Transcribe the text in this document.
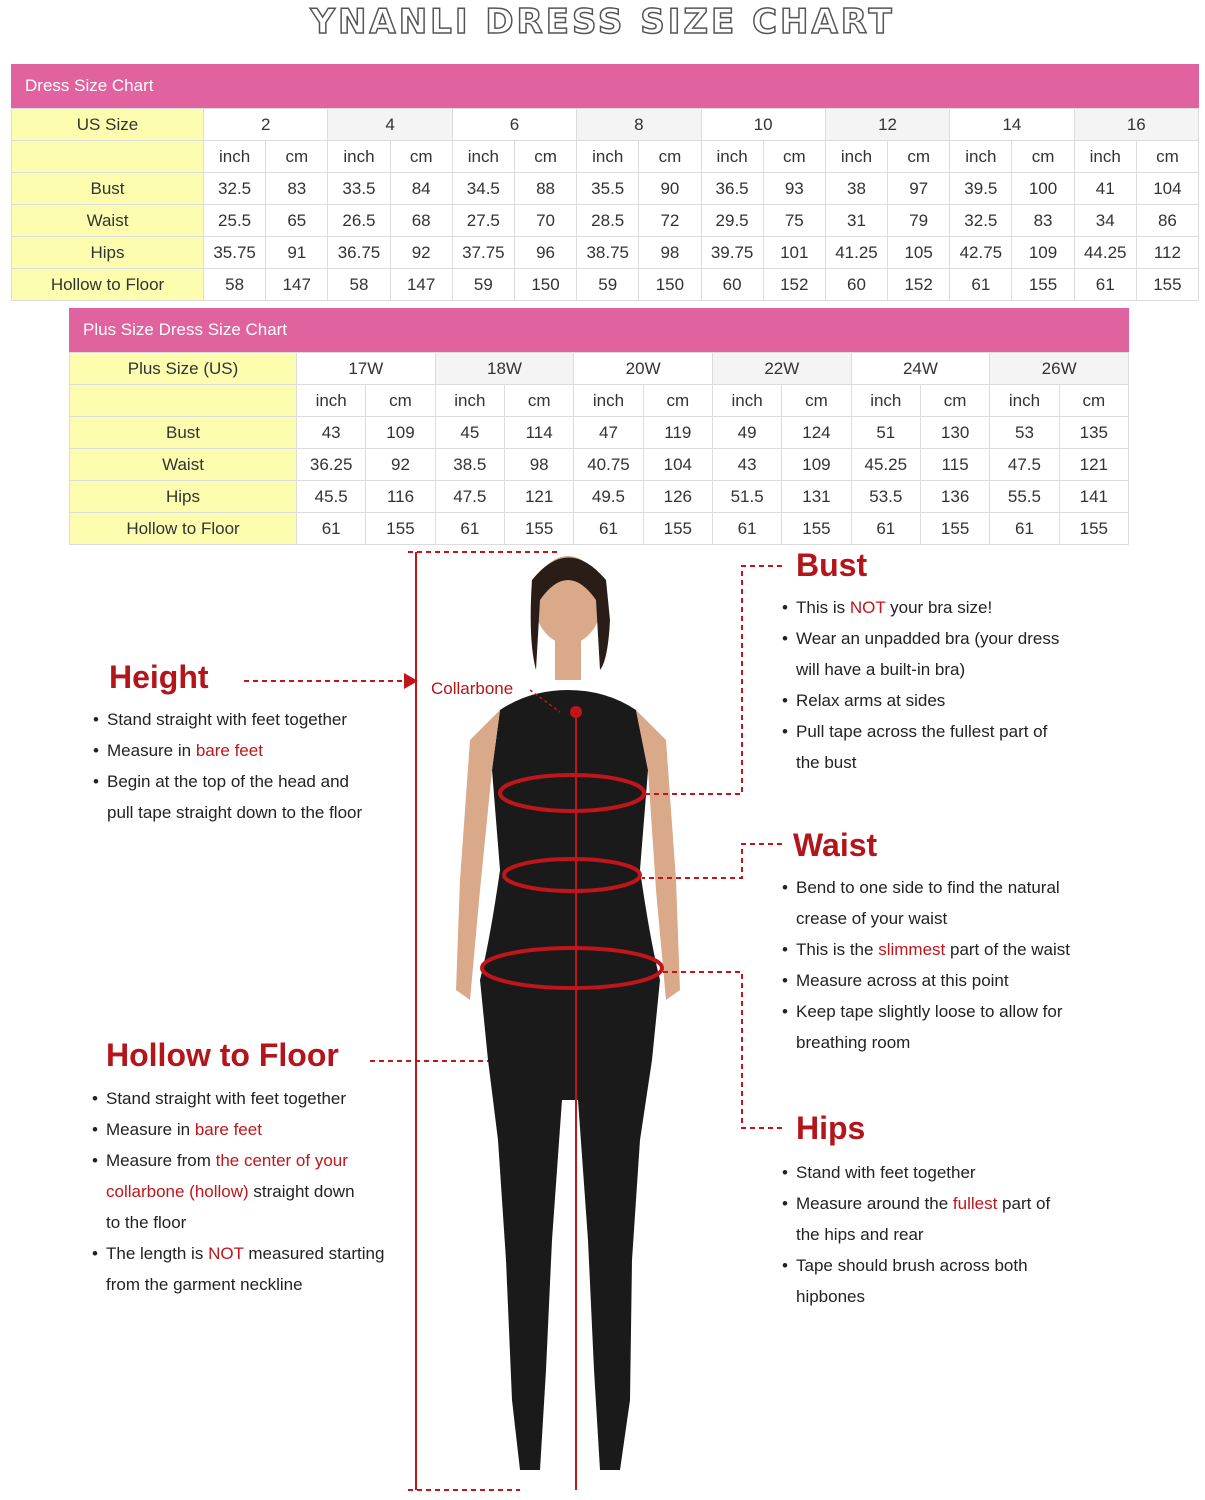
YNANLI DRESS SIZE CHART
Dress Size Chart
US Size	2		4		6		8		10		12		14		16	
	inch	cm	inch	cm	inch	cm	inch	cm	inch	cm	inch	cm	inch	cm	inch	cm
Bust	32.5	83	33.5	84	34.5	88	35.5	90	36.5	93	38	97	39.5	100	41	104
Waist	25.5	65	26.5	68	27.5	70	28.5	72	29.5	75	31	79	32.5	83	34	86
Hips	35.75	91	36.75	92	37.75	96	38.75	98	39.75	101	41.25	105	42.75	109	44.25	112
Hollow to Floor	58	147	58	147	59	150	59	150	60	152	60	152	61	155	61	155
Plus Size Dress Size Chart
Plus Size (US)	17W		18W		20W		22W		24W		26W	
	inch	cm	inch	cm	inch	cm	inch	cm	inch	cm	inch	cm
Bust	43	109	45	114	47	119	49	124	51	130	53	135
Waist	36.25	92	38.5	98	40.75	104	43	109	45.25	115	47.5	121
Hips	45.5	116	47.5	121	49.5	126	51.5	131	53.5	136	55.5	141
Hollow to Floor	61	155	61	155	61	155	61	155	61	155	61	155
Collarbone
Height
• Stand straight with feet together
• Measure in bare feet
• Begin at the top of the head and
pull tape straight down to the floor
Hollow to Floor
• Stand straight with feet together
• Measure in bare feet
• Measure from the center of your
collarbone (hollow) straight down
to the floor
• The length is NOT measured starting
from the garment neckline
Bust
• This is NOT your bra size!
• Wear an unpadded bra (your dress
will have a built-in bra)
• Relax arms at sides
• Pull tape across the fullest part of
the bust
Waist
• Bend to one side to find the natural
crease of your waist
• This is the slimmest part of the waist
• Measure across at this point
• Keep tape slightly loose to allow for
breathing room
Hips
• Stand with feet together
• Measure around the fullest part of
the hips and rear
• Tape should brush across both
hipbones
